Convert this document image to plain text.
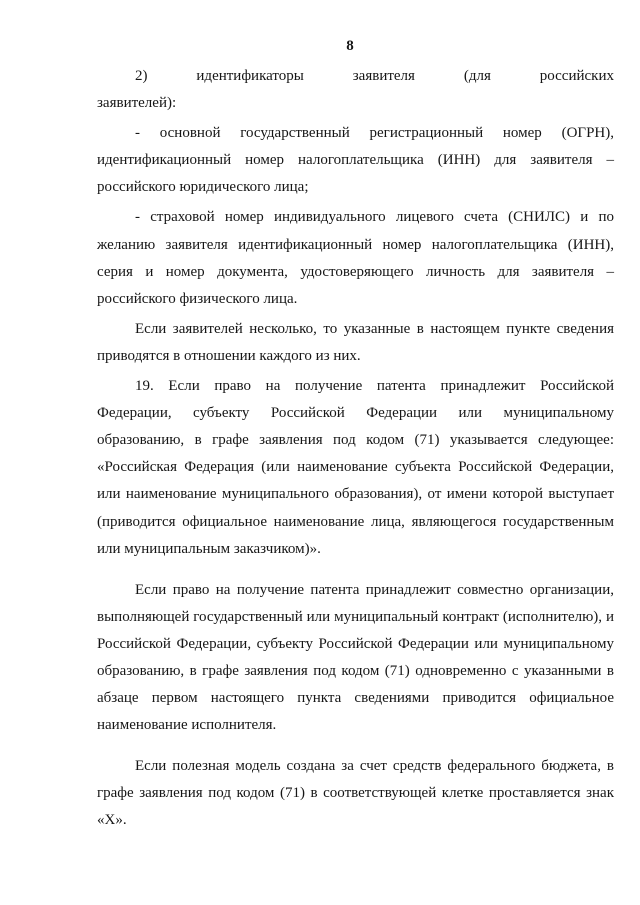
8

2)             идентификаторы             заявителя             (для             российских заявителей):

- основной государственный регистрационный номер (ОГРН), идентификационный номер налогоплательщика (ИНН) для заявителя – российского юридического лица;

- страховой номер индивидуального лицевого счета (СНИЛС) и по желанию заявителя идентификационный номер налогоплательщика (ИНН), серия и номер документа, удостоверяющего личность для заявителя – российского физического лица.

Если заявителей несколько, то указанные в настоящем пункте сведения приводятся в отношении каждого из них.

19. Если право на получение патента принадлежит Российской Федерации, субъекту Российской Федерации или муниципальному образованию, в графе заявления под кодом (71) указывается следующее: «Российская Федерация (или наименование субъекта Российской Федерации, или наименование муниципального образования), от имени которой выступает (приводится официальное наименование лица, являющегося государственным или муниципальным заказчиком)».

Если право на получение патента принадлежит совместно организации, выполняющей государственный или муниципальный контракт (исполнителю), и Российской Федерации, субъекту Российской Федерации или муниципальному образованию, в графе заявления под кодом (71) одновременно с указанными в абзаце первом настоящего пункта сведениями приводится официальное наименование исполнителя.

Если полезная модель создана за счет средств федерального бюджета, в графе заявления под кодом (71) в соответствующей клетке проставляется знак «Х».
